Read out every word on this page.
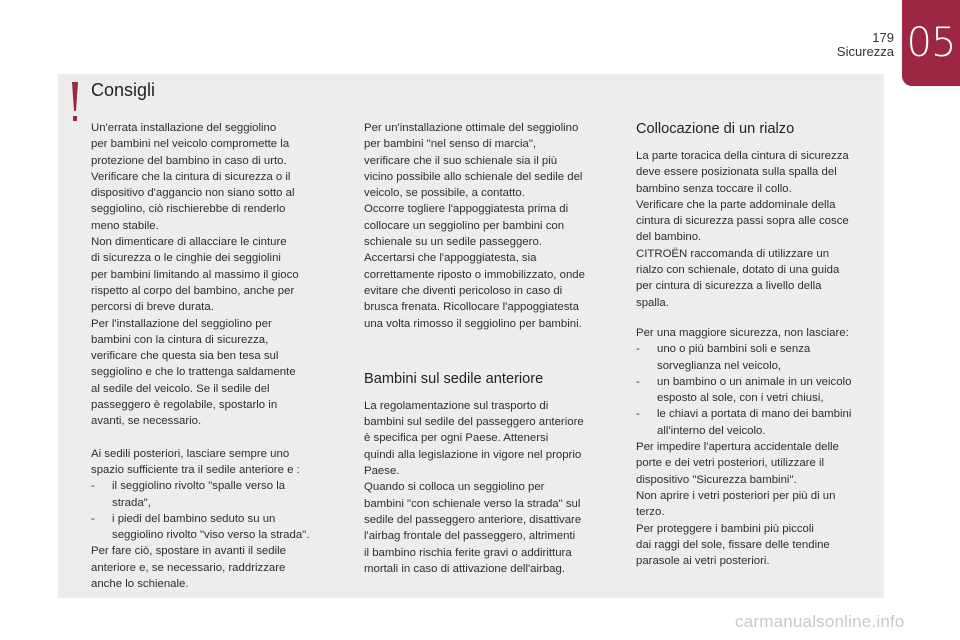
179
Sicurezza 05
Consigli

Un'errata installazione del seggiolino
per bambini nel veicolo compromette la
protezione del bambino in caso di urto.
Verificare che la cintura di sicurezza o il
dispositivo d'aggancio non siano sotto al
seggiolino, ciò rischierebbe di renderlo
meno stabile.
Non dimenticare di allacciare le cinture
di sicurezza o le cinghie dei seggiolini
per bambini limitando al massimo il gioco
rispetto al corpo del bambino, anche per
percorsi di breve durata.
Per l'installazione del seggiolino per
bambini con la cintura di sicurezza,
verificare che questa sia ben tesa sul
seggiolino e che lo trattenga saldamente
al sedile del veicolo. Se il sedile del
passeggero è regolabile, spostarlo in
avanti, se necessario.

Ai sedili posteriori, lasciare sempre uno
spazio sufficiente tra il sedile anteriore e :

- il seggiolino rivolto "spalle verso la
strada",

- i piedi del bambino seduto su un
seggiolino rivolto "viso verso la strada".

Per fare ciò, spostare in avanti il sedile
anteriore e, se necessario, raddrizzare
anche lo schienale.

Per un'installazione ottimale del seggiolino
per bambini "nel senso di marcia",
verificare che il suo schienale sia il più
vicino possibile allo schienale del sedile del
veicolo, se possibile, a contatto.
Occorre togliere l'appoggiatesta prima di
collocare un seggiolino per bambini con
schienale su un sedile passeggero.
Accertarsi che l'appoggiatesta, sia
correttamente riposto o immobilizzato, onde
evitare che diventi pericoloso in caso di
brusca frenata. Ricollocare l'appoggiatesta
una volta rimosso il seggiolino per bambini.

Bambini sul sedile anteriore

La regolamentazione sul trasporto di
bambini sul sedile del passeggero anteriore
è specifica per ogni Paese. Attenersi
quindi alla legislazione in vigore nel proprio
Paese.
Quando si colloca un seggiolino per
bambini "con schienale verso la strada" sul
sedile del passeggero anteriore, disattivare
l'airbag frontale del passeggero, altrimenti
il bambino rischia ferite gravi o addirittura
mortali in caso di attivazione dell'airbag.

Collocazione di un rialzo

La parte toracica della cintura di sicurezza
deve essere posizionata sulla spalla del
bambino senza toccare il collo.
Verificare che la parte addominale della
cintura di sicurezza passi sopra alle cosce
del bambino.
CITROËN raccomanda di utilizzare un
rialzo con schienale, dotato di una guida
per cintura di sicurezza a livello della
spalla.

Per una maggiore sicurezza, non lasciare:

- uno o più bambini soli e senza
sorveglianza nel veicolo,

- un bambino o un animale in un veicolo
esposto al sole, con i vetri chiusi,

- le chiavi a portata di mano dei bambini
all'interno del veicolo.

Per impedire l'apertura accidentale delle
porte e dei vetri posteriori, utilizzare il
dispositivo "Sicurezza bambini".
Non aprire i vetri posteriori per più di un
terzo.
Per proteggere i bambini più piccoli
dai raggi del sole, fissare delle tendine
parasole ai vetri posteriori.

carmanualsonline.info
